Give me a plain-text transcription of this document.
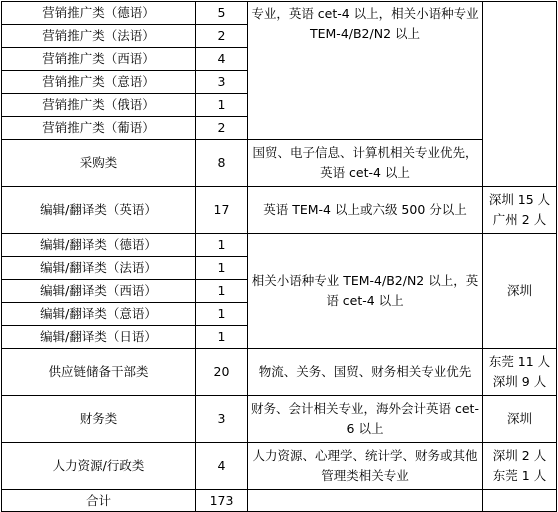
营销推广类（德语）	5	专业，英语 cet-4 以上，相关小语种专业 TEM-4/B2/N2 以上	
营销推广类（法语）	2		
营销推广类（西语）	4		
营销推广类（意语）	3		
营销推广类（俄语）	1		
营销推广类（葡语）	2		
采购类	8	国贸、电子信息、计算机相关专业优先，英语 cet-4 以上	
编辑/翻译类（英语）	17	英语 TEM-4 以上或六级 500 分以上	深圳 15 人
广州 2 人

编辑/翻译类（德语）	1	相关小语种专业 TEM-4/B2/N2 以上，英语 cet-4 以上	深圳
编辑/翻译类（法语）	1		
编辑/翻译类（西语）	1		
编辑/翻译类（意语）	1		
编辑/翻译类（日语）	1		
供应链储备干部类	20	物流、关务、国贸、财务相关专业优先	东莞 11 人
深圳 9 人

财务类	3	财务、会计相关专业，海外会计英语 cet-6 以上	深圳
人力资源/行政类	4	人力资源、心理学、统计学、财务或其他管理类相关专业	深圳 2 人
东莞 1 人

合计	173		
